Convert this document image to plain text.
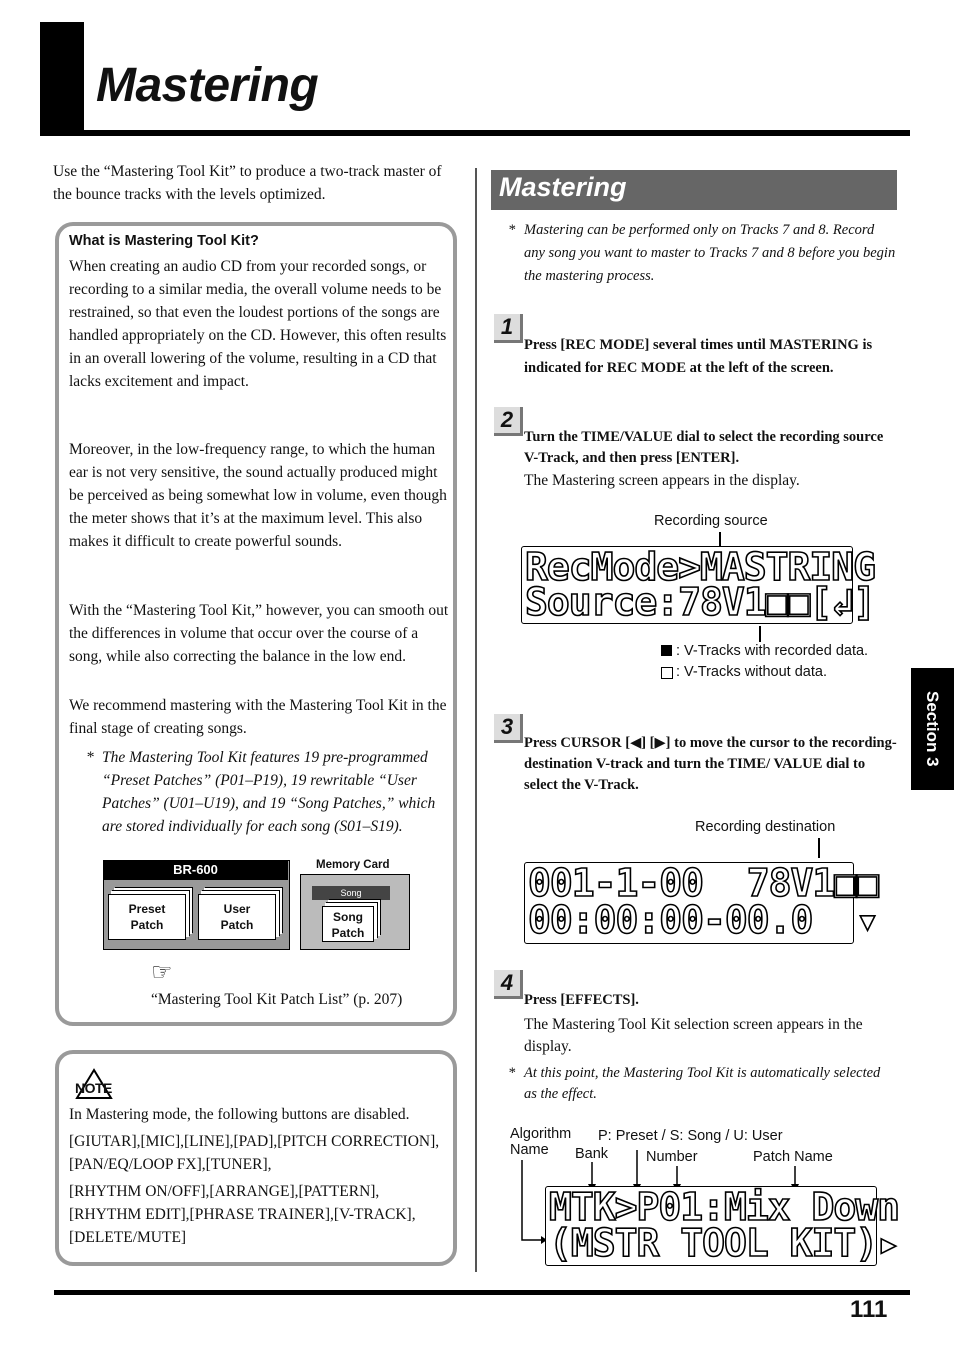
Mastering
Use the “Mastering Tool Kit” to produce a two-track master of the bounce tracks with the levels optimized.
What is Mastering Tool Kit?
When creating an audio CD from your recorded songs, or recording to a similar media, the overall volume needs to be restrained, so that even the loudest portions of the songs are handled appropriately on the CD. However, this often results in an overall lowering of the volume, resulting in a CD that lacks excitement and impact.
Moreover, in the low-frequency range, to which the human ear is not very sensitive, the sound actually produced might be perceived as being somewhat low in volume, even though the meter shows that it’s at the maximum level. This also makes it difficult to create powerful sounds.
With the “Mastering Tool Kit,” however, you can smooth out the differences in volume that occur over the course of a song, while also correcting the balance in the low end.
We recommend mastering with the Mastering Tool Kit in the final stage of creating songs.
* The Mastering Tool Kit features 19 pre-programmed “Preset Patches” (P01–P19), 19 rewritable “User Patches” (U01–U19), and 19 “Song Patches,” which are stored individually for each song (S01–S19).
BR-600
Preset
Patch
User
Patch
Memory Card
Song
Song
Patch
☞
“Mastering Tool Kit Patch List” (p. 207)
NOTE
In Mastering mode, the following buttons are disabled.
[GIUTAR],[MIC],[LINE],[PAD],[PITCH CORRECTION], [PAN/EQ/LOOP FX],[TUNER],
[RHYTHM ON/OFF],[ARRANGE],[PATTERN], [RHYTHM EDIT],[PHRASE TRAINER],[V-TRACK], [DELETE/MUTE]
Mastering
* Mastering can be performed only on Tracks 7 and 8. Record any song you want to master to Tracks 7 and 8 before you begin the mastering process.
1
Press [REC MODE] several times until MASTERING is indicated for REC MODE at the left of the screen.
2
Turn the TIME/VALUE dial to select the recording source V-Track, and then press [ENTER].
The Mastering screen appears in the display.
Recording source
RecMode>MASTRING
Source:78V1□□[↲]
: V-Tracks with recorded data.
: V-Tracks without data.
3
Press CURSOR [◀] [▶] to move the cursor to the recording-destination V-track and turn the TIME/ VALUE dial to select the V-Track.
Recording destination
001-1-00  78V1□□
00:00:00-00.0  ▾
4
Press [EFFECTS].
The Mastering Tool Kit selection screen appears in the display.
* At this point, the Mastering Tool Kit is automatically selected as the effect.
Algorithm
Name
P: Preset / S: Song / U: User
Bank	Number	Patch Name
MTK>P01:Mix Down
(MSTR TOOL KIT)▸
Section 3
111
